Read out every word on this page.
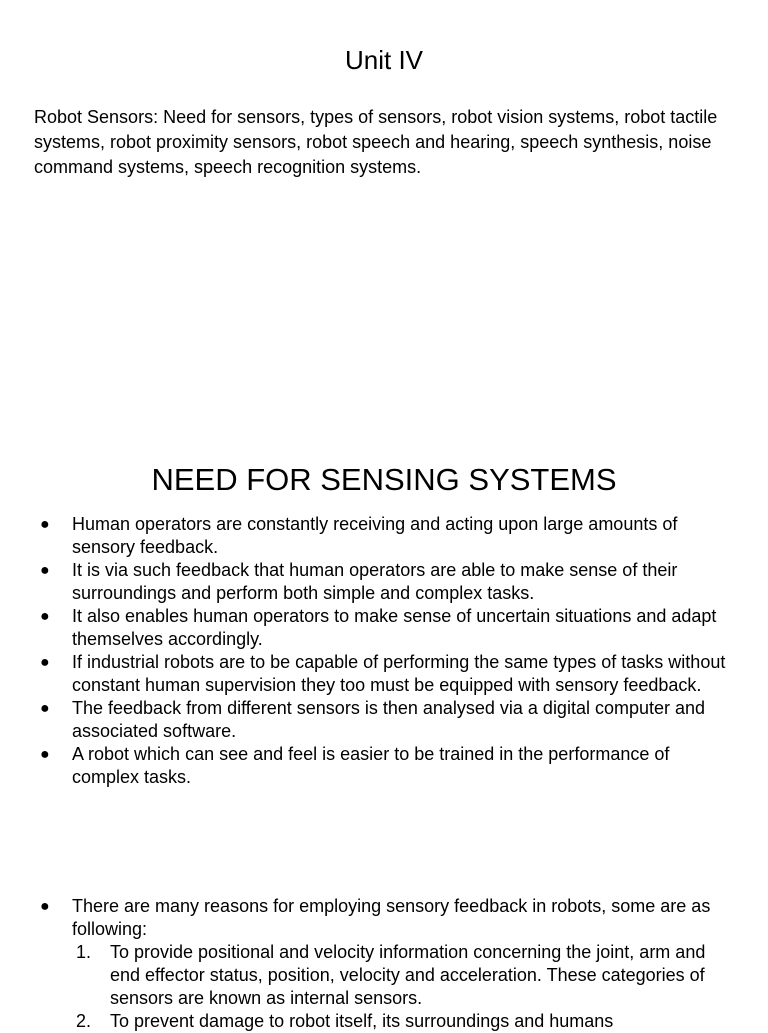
Unit IV

Robot Sensors: Need for sensors, types of sensors, robot vision systems, robot tactile systems, robot proximity sensors, robot speech and hearing, speech synthesis, noise command systems, speech recognition systems.

NEED FOR SENSING SYSTEMS
● Human operators are constantly receiving and acting upon large amounts of sensory feedback.
● It is via such feedback that human operators are able to make sense of their surroundings and perform both simple and complex tasks.
● It also enables human operators to make sense of uncertain situations and adapt themselves accordingly.
● If industrial robots are to be capable of performing the same types of tasks without constant human supervision they too must be equipped with sensory feedback.
● The feedback from different sensors is then analysed via a digital computer and associated software.
● A robot which can see and feel is easier to be trained in the performance of complex tasks.
● There are many reasons for employing sensory feedback in robots, some are as following:
1. To provide positional and velocity information concerning the joint, arm and end effector status, position, velocity and acceleration. These categories of sensors are known as internal sensors.
2. To prevent damage to robot itself, its surroundings and humans
